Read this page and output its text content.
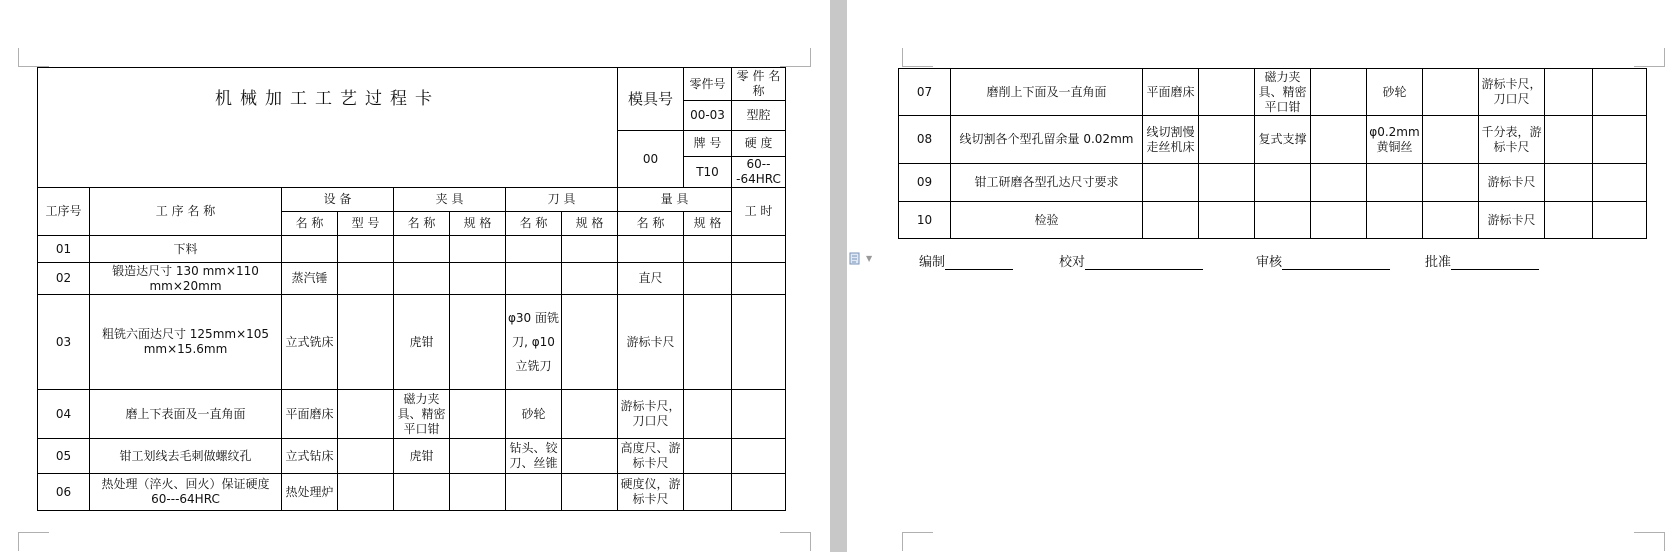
机械加工工艺过程卡								模具号	零件号	零 件 名 称
									00-03	型腔
								00	牌 号	硬 度
									T10	60---64HRC
工序号	工 序 名 称	设 备		夹 具		刀 具		量 具		工 时
		名 称	型 号	名 称	规 格	名 称	规 格	名 称	规 格	
01	下料									
02	锻造达尺寸 130 mm×110 mm×20mm	蒸汽锤						直尺		
03	粗铣六面达尺寸 125mm×105 mm×15.6mm	立式铣床		虎钳		φ30 面铣刀, φ10 立铣刀		游标卡尺		
04	磨上下表面及一直角面	平面磨床		磁力夹具、精密平口钳		砂轮		游标卡尺，刀口尺		
05	钳工划线去毛刺做螺纹孔	立式钻床		虎钳		钻头、铰刀、丝锥		高度尺、游标卡尺		
06	热处理（淬火、回火）保证硬度 60---64HRC	热处理炉						硬度仪，游标卡尺		
07	磨削上下面及一直角面	平面磨床		磁力夹具、精密平口钳		砂轮		游标卡尺，刀口尺		
08	线切割各个型孔留余量 0.02mm	线切割慢走丝机床		复式支撑		φ0.2mm 黄铜丝		千分表，游标卡尺		
09	钳工研磨各型孔达尺寸要求							游标卡尺		
10	检验							游标卡尺		
▼	编制	校对	审核	批准
